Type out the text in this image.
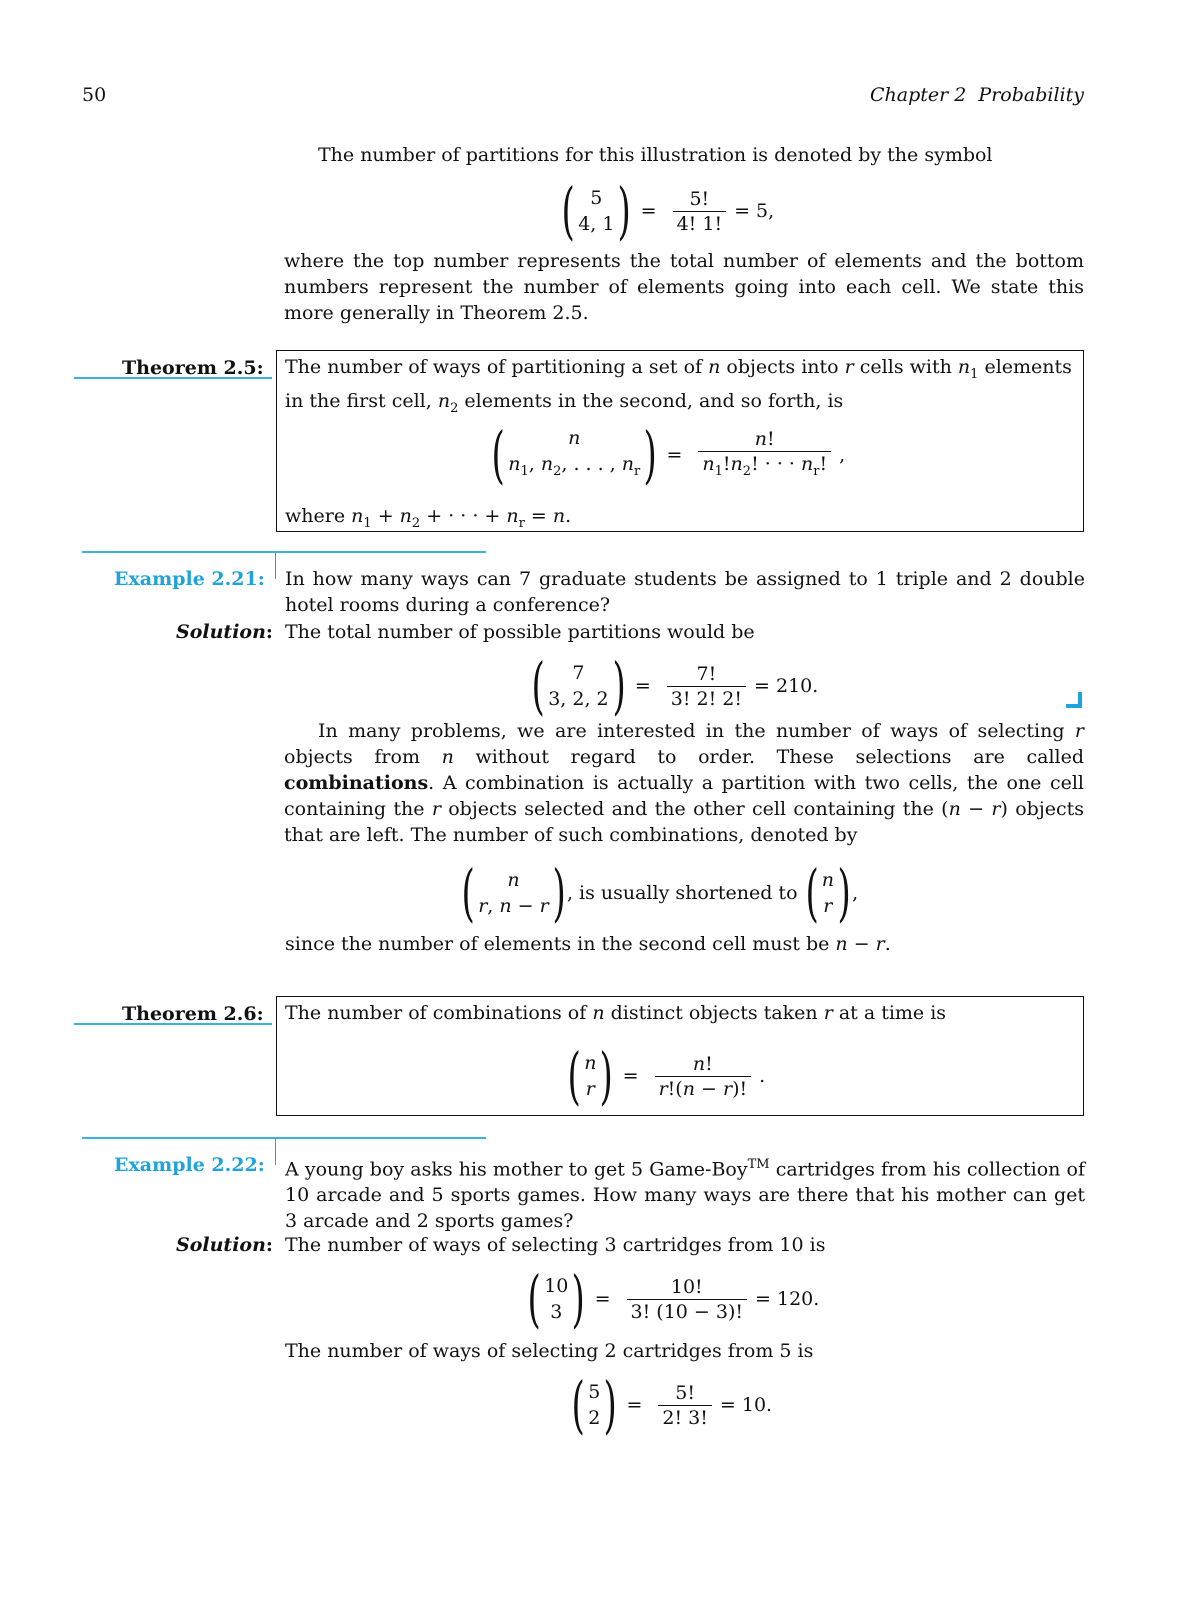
50	Chapter 2  Probability
The number of partitions for this illustration is denoted by the symbol
( 5
4, 1 ) = $\frac{5!}{4! 1!} = 5$,
where the top number represents the total number of elements and the bottom numbers represent the number of elements going into each cell. We state this more generally in Theorem 2.5.
Theorem 2.5: The number of ways of partitioning a set of n objects into r cells with $n_1$ elements in the first cell, $n_2$ elements in the second, and so forth, is
(	n
$n_1$, $n_2$, . . . , $n_r$ ) = $\frac{n!}{n_1!n_2! \cdot \cdot \cdot n_r!}$ ,
where $n_1 + n_2$ + · · · + $n_r = n$.
Example 2.21: In how many ways can 7 graduate students be assigned to 1 triple and 2 double hotel rooms during a conference?
Solution: The total number of possible partitions would be
( 7
3, 2, 2 ) = $\frac{7!}{3! 2! 2!} = 210$.
In many problems, we are interested in the number of ways of selecting r objects from n without regard to order. These selections are called combinations. A combination is actually a partition with two cells, the one cell containing the r objects selected and the other cell containing the (n − r) objects that are left. The number of such combinations, denoted by
( n
r, n − r ) , is usually shortened to ( n
r ) ,
since the number of elements in the second cell must be n − r.
Theorem 2.6: The number of combinations of n distinct objects taken r at a time is
( n
r ) = $\frac{n!}{r!(n - r)!}$ .
Example 2.22: A young boy asks his mother to get 5 Game-Boy™ cartridges from his collection of 10 arcade and 5 sports games. How many ways are there that his mother can get 3 arcade and 2 sports games?
Solution: The number of ways of selecting 3 cartridges from 10 is
( 10
3 ) = $\frac{10!}{3! (10 - 3)!} = 120$.
The number of ways of selecting 2 cartridges from 5 is
( 5
2 ) = $\frac{5!}{2! 3!} = 10$.
